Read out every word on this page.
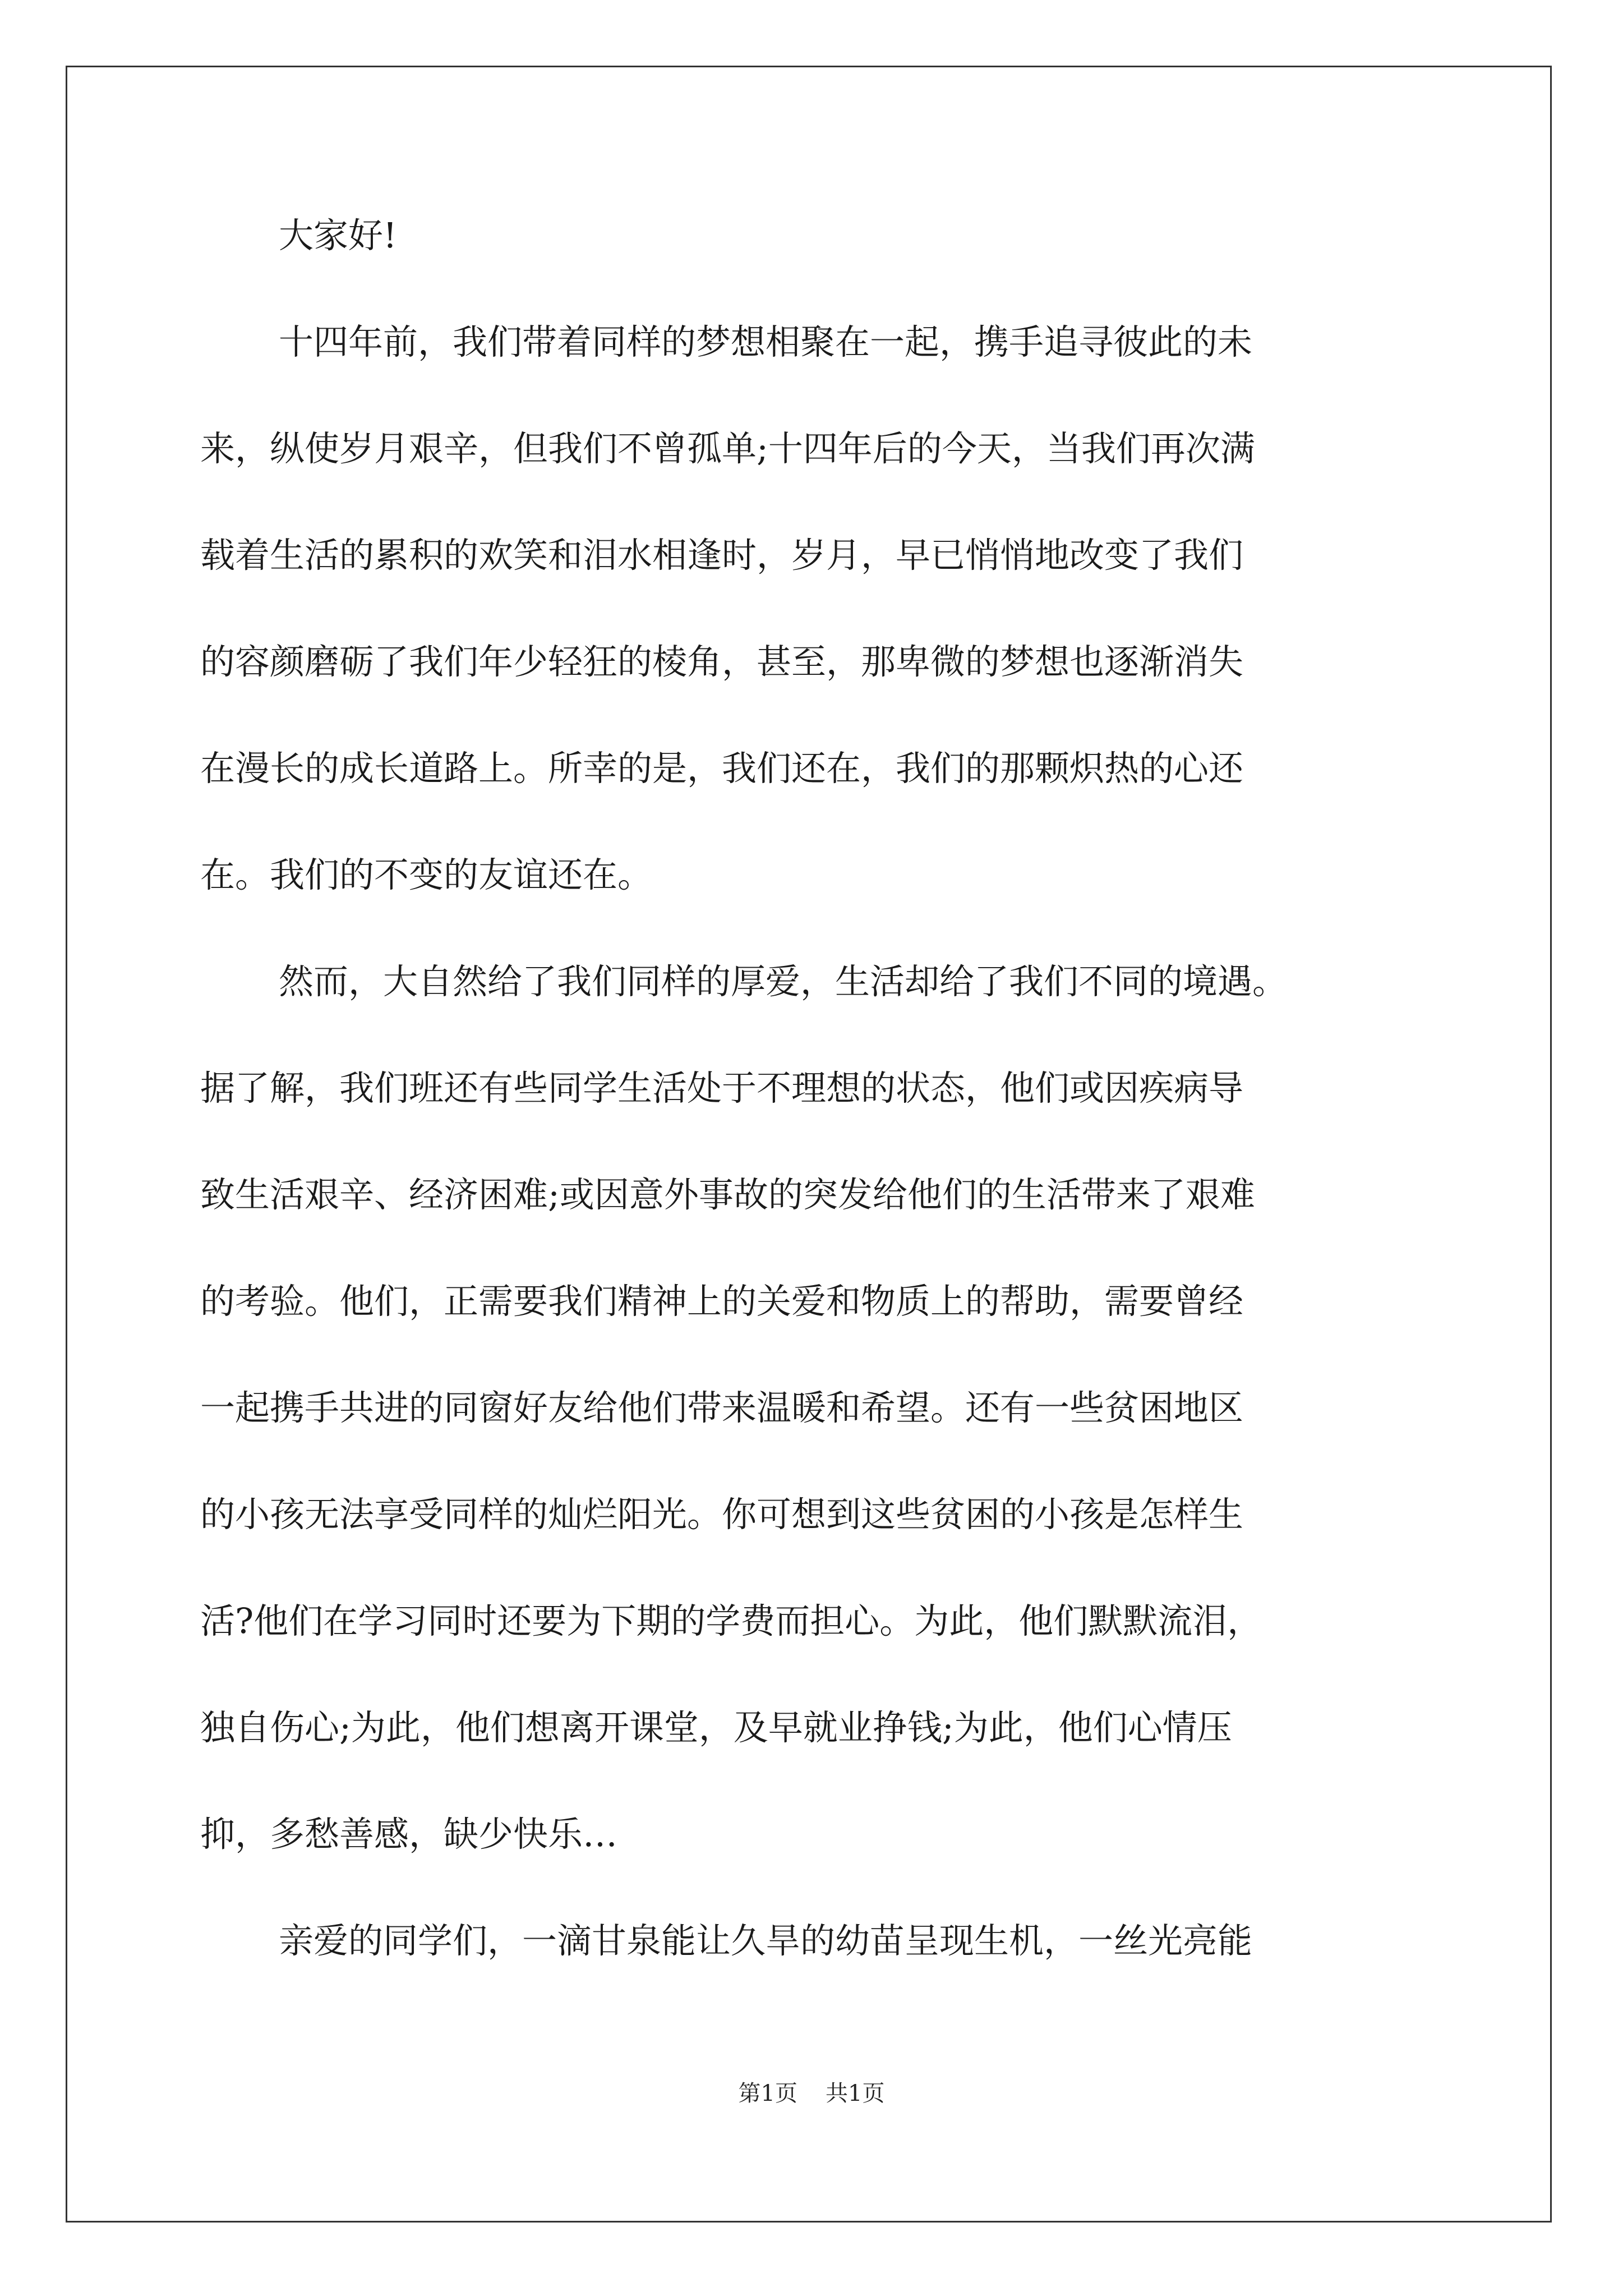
大家好!
十四年前，我们带着同样的梦想相聚在一起，携手追寻彼此的未
来，纵使岁月艰辛，但我们不曾孤单;十四年后的今天，当我们再次满
载着生活的累积的欢笑和泪水相逢时，岁月，早已悄悄地改变了我们
的容颜磨砺了我们年少轻狂的棱角，甚至，那卑微的梦想也逐渐消失
在漫长的成长道路上。所幸的是，我们还在，我们的那颗炽热的心还
在。我们的不变的友谊还在。
然而，大自然给了我们同样的厚爱，生活却给了我们不同的境遇。
据了解，我们班还有些同学生活处于不理想的状态，他们或因疾病导
致生活艰辛、经济困难;或因意外事故的突发给他们的生活带来了艰难
的考验。他们，正需要我们精神上的关爱和物质上的帮助，需要曾经
一起携手共进的同窗好友给他们带来温暖和希望。还有一些贫困地区
的小孩无法享受同样的灿烂阳光。你可想到这些贫困的小孩是怎样生
活?他们在学习同时还要为下期的学费而担心。为此，他们默默流泪，
独自伤心;为此，他们想离开课堂，及早就业挣钱;为此，他们心情压
抑，多愁善感，缺少快乐…
亲爱的同学们，一滴甘泉能让久旱的幼苗呈现生机，一丝光亮能
第1页 共1页
